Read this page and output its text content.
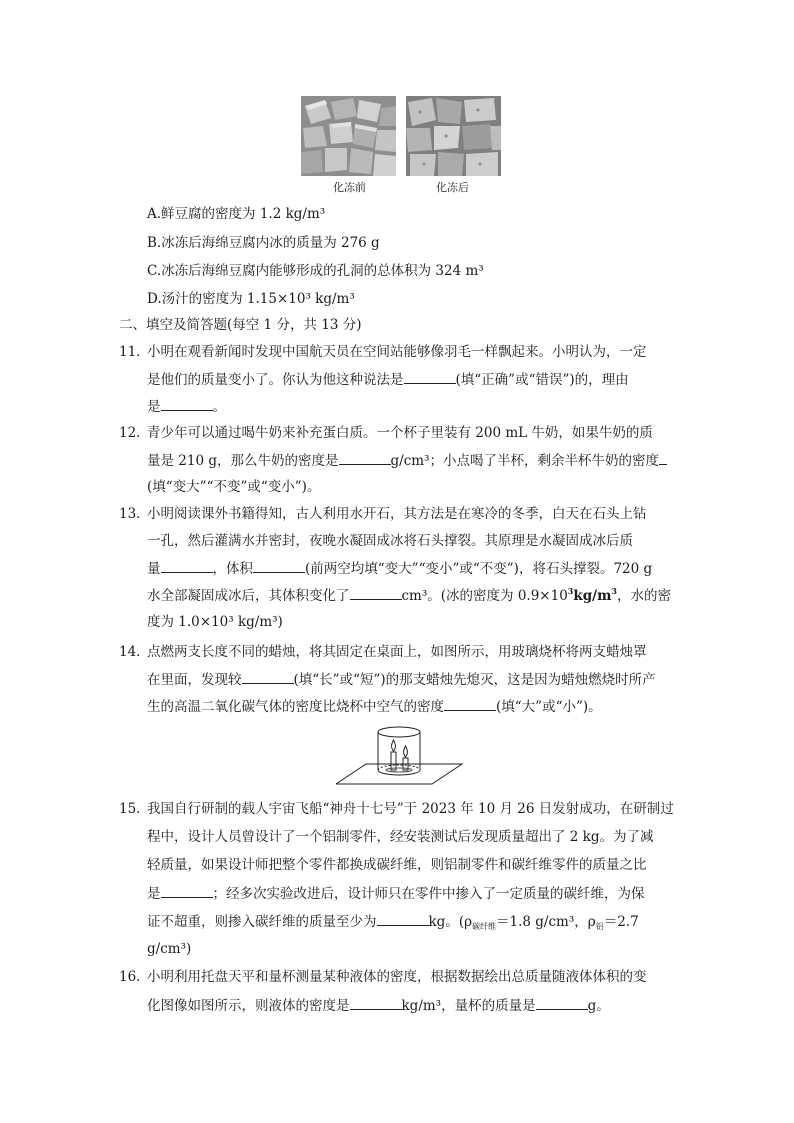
化冻前	化冻后
A.鲜豆腐的密度为 1.2 kg/m³
B.冰冻后海绵豆腐内冰的质量为 276 g
C.冰冻后海绵豆腐内能够形成的孔洞的总体积为 324 m³
D.汤汁的密度为 1.15×10³ kg/m³
二、填空及简答题(每空 1 分，共 13 分)
11．
小明在观看新闻时发现中国航天员在空间站能够像羽毛一样飘起来。小明认为，一定
是他们的质量变小了。你认为他这种说法是	(填“正确”或“错误”)的，理由
是	。
12．
青少年可以通过喝牛奶来补充蛋白质。一个杯子里装有 200 mL 牛奶，如果牛奶的质
量是 210 g，那么牛奶的密度是	g/cm³；小点喝了半杯，剩余半杯牛奶的密度
(填“变大”“不变”或“变小”)。
13．
小明阅读课外书籍得知，古人利用水开石，其方法是在寒冷的冬季，白天在石头上钻
一孔，然后灌满水并密封，夜晚水凝固成冰将石头撑裂。其原理是水凝固成冰后质
量	，体积	(前两空均填“变大”“变小”或“不变”)，将石头撑裂。720 g
水全部凝固成冰后，其体积变化了	cm³。(冰的密度为 $0.9\times 10^3kg/m^3$，水的密
度为 1.0×10³ kg/m³)
14．
点燃两支长度不同的蜡烛，将其固定在桌面上，如图所示，用玻璃烧杯将两支蜡烛罩
在里面，发现较	(填“长”或“短”)的那支蜡烛先熄灭，这是因为蜡烛燃烧时所产
生的高温二氧化碳气体的密度比烧杯中空气的密度	(填“大”或“小”)。
15．
我国自行研制的载人宇宙飞船“神舟十七号”于 2023 年 10 月 26 日发射成功，在研制过
程中，设计人员曾设计了一个铝制零件，经安装测试后发现质量超出了 2 kg。为了减
轻质量，如果设计师把整个零件都换成碳纤维，则铝制零件和碳纤维零件的质量之比
是	；经多次实验改进后，设计师只在零件中掺入了一定质量的碳纤维，为保
证不超重，则掺入碳纤维的质量至少为	kg。($\rho_{碳纤维}=1.8$ g/cm³，$\rho_铝=2.7$
g/cm³)
16．
小明利用托盘天平和量杯测量某种液体的密度，根据数据绘出总质量随液体体积的变
化图像如图所示，则液体的密度是	kg/m³，量杯的质量是	g。
